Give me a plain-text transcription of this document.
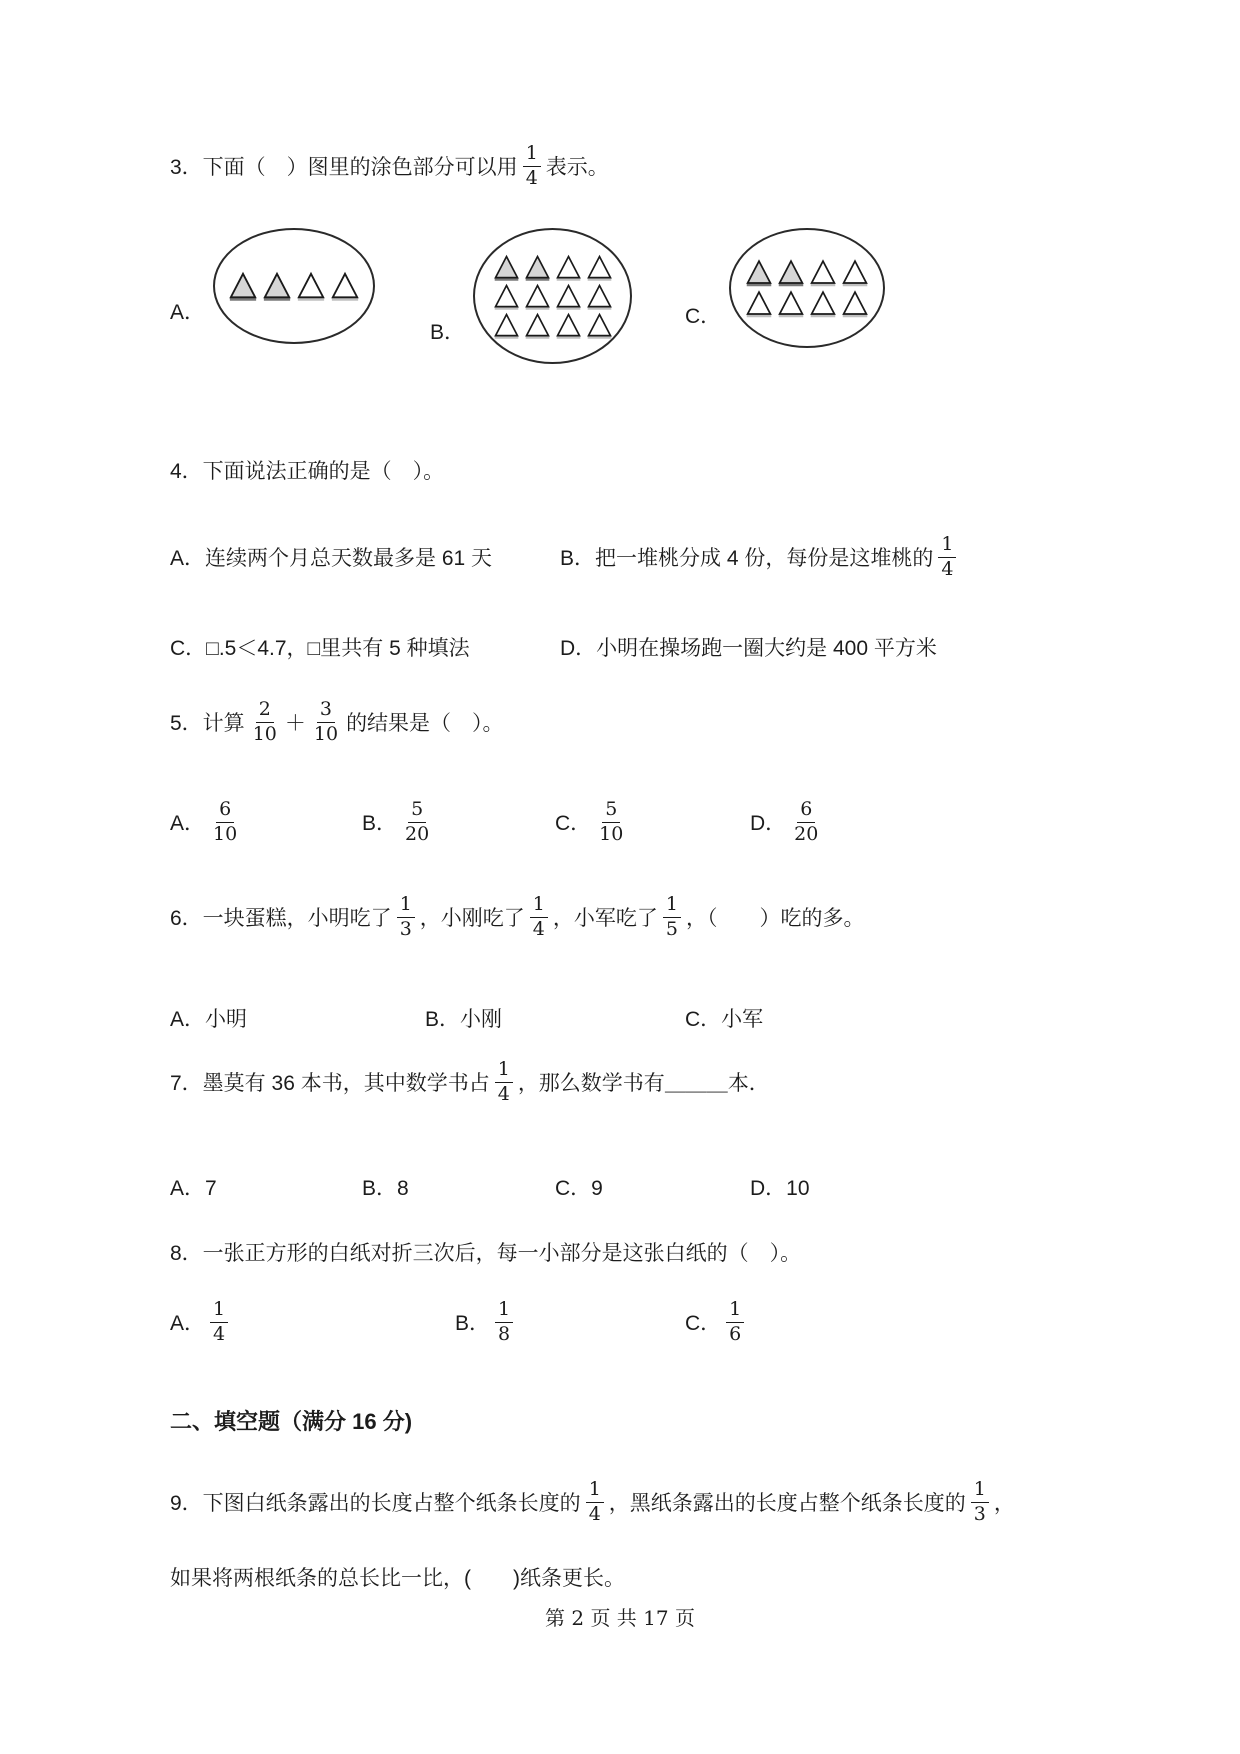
3．下面（　）图里的涂色部分可以用 $\frac{1}{4}$ 表示。
A．
B．
C．
4．下面说法正确的是（　）。
A．连续两个月总天数最多是 61 天	B．把一堆桃分成 4 份，每份是这堆桃的 $\frac{1}{4}$
C．□.5＜4.7，□里共有 5 种填法	D．小明在操场跑一圈大约是 400 平方米
5．计算 $\frac{2}{10} + \frac{3}{10}$ 的结果是（　）。
A． $\frac{6}{10}$	B． $\frac{5}{20}$	C． $\frac{5}{10}$	D． $\frac{6}{20}$
6．一块蛋糕，小明吃了 $\frac{1}{3}$ ，小刚吃了 $\frac{1}{4}$ ，小军吃了 $\frac{1}{5}$ ，（　　）吃的多。
A．小明	B．小刚	C．小军
7．墨莫有 36 本书，其中数学书占 $\frac{1}{4}$ ，那么数学书有 ＿＿＿ 本．
A．7	B．8	C．9	D．10
8．一张正方形的白纸对折三次后，每一小部分是这张白纸的（　）。
A． $\frac{1}{4}$	B． $\frac{1}{8}$	C． $\frac{1}{6}$
二、填空题（满分 16 分)
9．下图白纸条露出的长度占整个纸条长度的 $\frac{1}{4}$ ，黑纸条露出的长度占整个纸条长度的 $\frac{1}{3}$ ，
如果将两根纸条的总长比一比，(　　)纸条更长。
第 2 页 共 17 页
